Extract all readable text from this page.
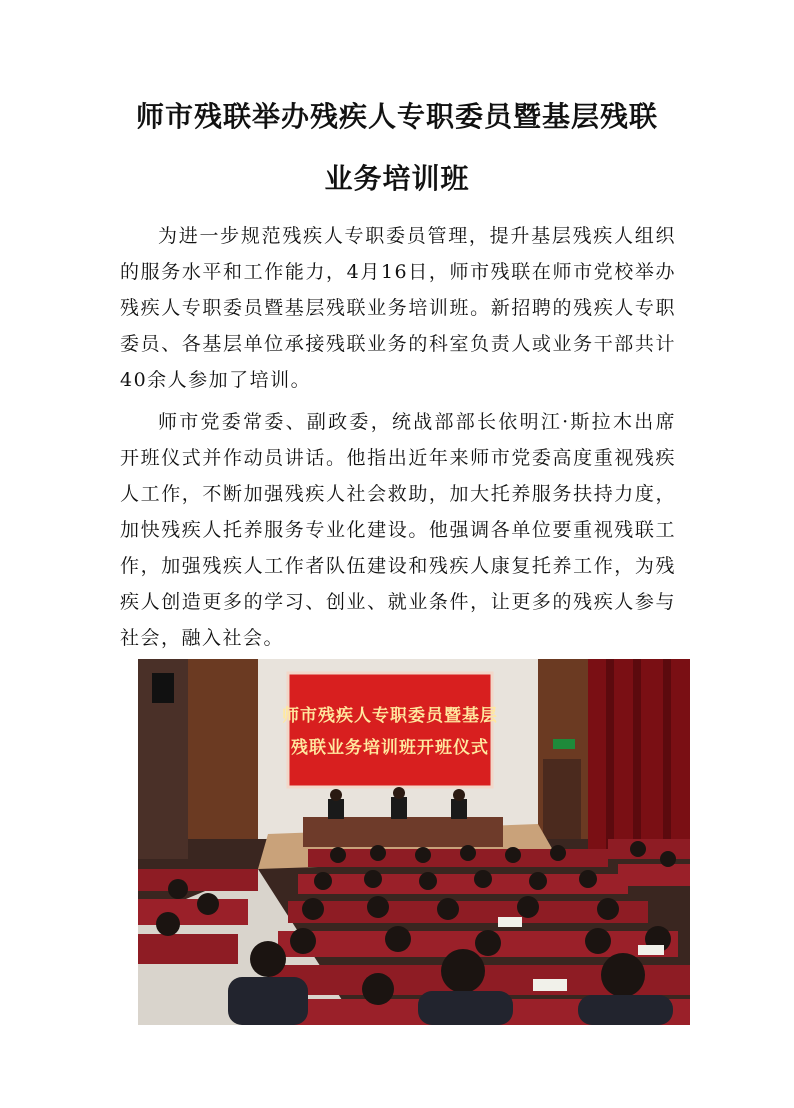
师市残联举办残疾人专职委员暨基层残联
业务培训班

为进一步规范残疾人专职委员管理，提升基层残疾人组织的服务水平和工作能力，4月16日，师市残联在师市党校举办残疾人专职委员暨基层残联业务培训班。新招聘的残疾人专职委员、各基层单位承接残联业务的科室负责人或业务干部共计40余人参加了培训。

师市党委常委、副政委，统战部部长依明江·斯拉木出席开班仪式并作动员讲话。他指出近年来师市党委高度重视残疾人工作，不断加强残疾人社会救助，加大托养服务扶持力度，加快残疾人托养服务专业化建设。他强调各单位要重视残联工作，加强残疾人工作者队伍建设和残疾人康复托养工作，为残疾人创造更多的学习、创业、就业条件，让更多的残疾人参与社会，融入社会。

师市残疾人专职委员暨基层
残联业务培训班开班仪式
